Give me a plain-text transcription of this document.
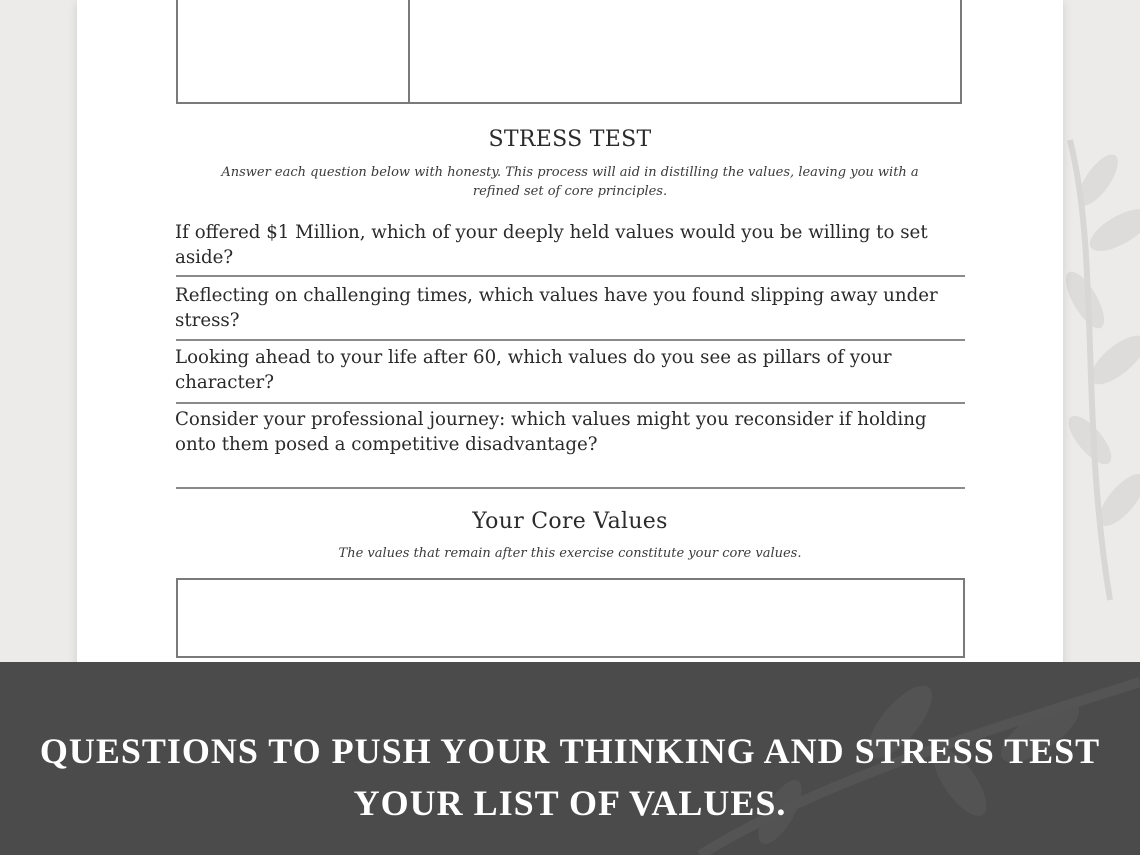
STRESS TEST
Answer each question below with honesty. This process will aid in distilling the values, leaving you with a refined set of core principles.
If offered $1 Million, which of your deeply held values would you be willing to set aside?
Reflecting on challenging times, which values have you found slipping away under stress?
Looking ahead to your life after 60, which values do you see as pillars of your character?
Consider your professional journey: which values might you reconsider if holding onto them posed a competitive disadvantage?
Your Core Values
The values that remain after this exercise constitute your core values.
QUESTIONS TO PUSH YOUR THINKING AND STRESS TEST YOUR LIST OF VALUES.
